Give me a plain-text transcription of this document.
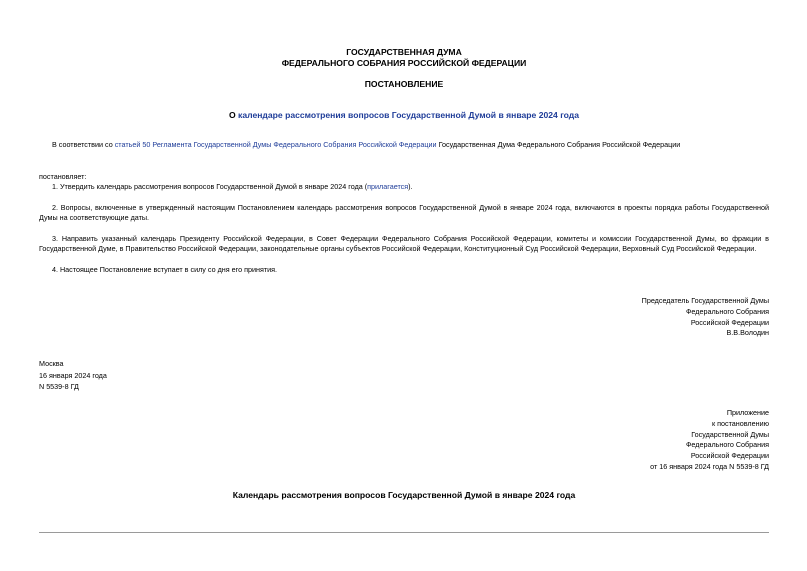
ГОСУДАРСТВЕННАЯ ДУМА
ФЕДЕРАЛЬНОГО СОБРАНИЯ РОССИЙСКОЙ ФЕДЕРАЦИИ
ПОСТАНОВЛЕНИЕ
О календаре рассмотрения вопросов Государственной Думой в январе 2024 года
В соответствии со статьей 50 Регламента Государственной Думы Федерального Собрания Российской Федерации Государственная Дума Федерального Собрания Российской Федерации
постановляет:
1. Утвердить календарь рассмотрения вопросов Государственной Думой в январе 2024 года (прилагается).
2. Вопросы, включенные в утвержденный настоящим Постановлением календарь рассмотрения вопросов Государственной Думой в январе 2024 года, включаются в проекты порядка работы Государственной Думы на соответствующие даты.
3. Направить указанный календарь Президенту Российской Федерации, в Совет Федерации Федерального Собрания Российской Федерации, комитеты и комиссии Государственной Думы, во фракции в Государственной Думе, в Правительство Российской Федерации, законодательные органы субъектов Российской Федерации, Конституционный Суд Российской Федерации, Верховный Суд Российской Федерации.
4. Настоящее Постановление вступает в силу со дня его принятия.
Председатель Государственной Думы
Федерального Собрания
Российской Федерации
В.В.Володин
Москва
16 января 2024 года
N 5539-8 ГД
Приложение
к постановлению
Государственной Думы
Федерального Собрания
Российской Федерации
от 16 января 2024 года N 5539-8 ГД
Календарь рассмотрения вопросов Государственной Думой в январе 2024 года
